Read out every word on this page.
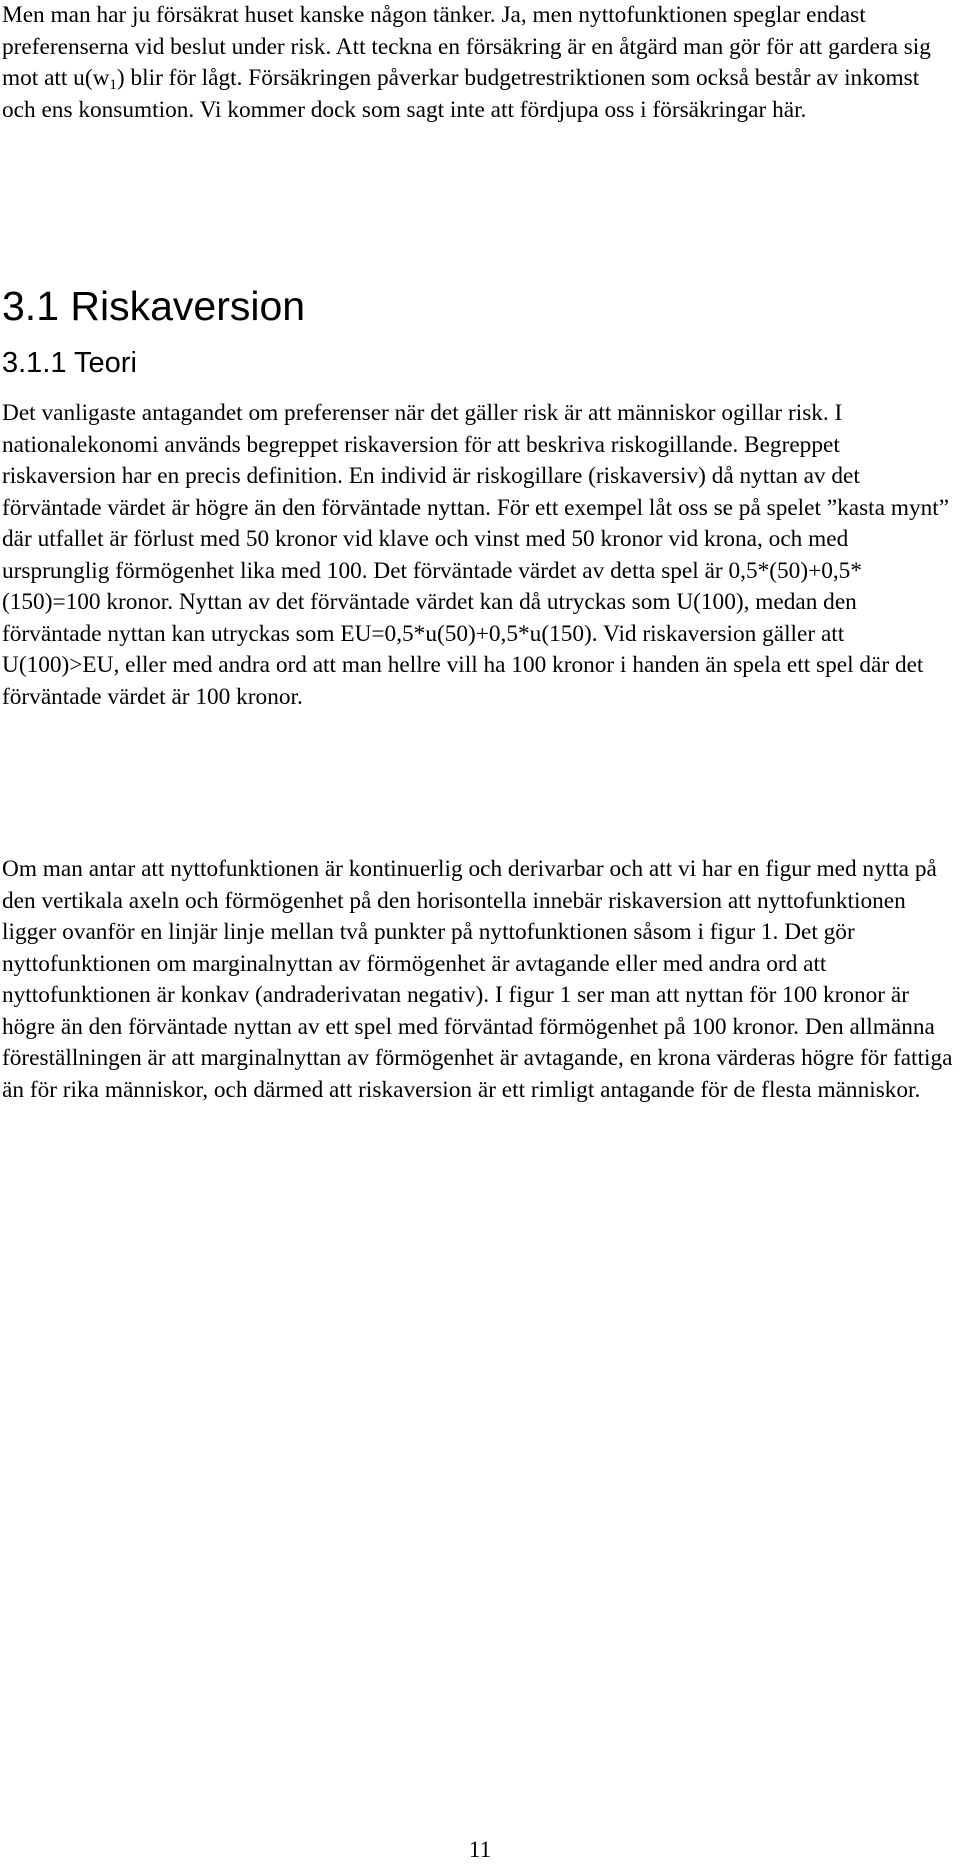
Men man har ju försäkrat huset kanske någon tänker. Ja, men nyttofunktionen speglar endast preferenserna vid beslut under risk. Att teckna en försäkring är en åtgärd man gör för att gardera sig mot att $u(w_1)$ blir för lågt. Försäkringen påverkar budgetrestriktionen som också består av inkomst och ens konsumtion. Vi kommer dock som sagt inte att fördjupa oss i försäkringar här.

3.1 Riskaversion
3.1.1 Teori

Det vanligaste antagandet om preferenser när det gäller risk är att människor ogillar risk. I nationalekonomi används begreppet riskaversion för att beskriva riskogillande. Begreppet riskaversion har en precis definition. En individ är riskogillare (riskaversiv) då nyttan av det förväntade värdet är högre än den förväntade nyttan. För ett exempel låt oss se på spelet ”kasta mynt” där utfallet är förlust med 50 kronor vid klave och vinst med 50 kronor vid krona, och med ursprunglig förmögenhet lika med 100. Det förväntade värdet av detta spel är 0,5*(50)+0,5*(150)=100 kronor. Nyttan av det förväntade värdet kan då utryckas som U(100), medan den förväntade nyttan kan utryckas som EU=0,5*u(50)+0,5*u(150). Vid riskaversion gäller att U(100)>EU, eller med andra ord att man hellre vill ha 100 kronor i handen än spela ett spel där det förväntade värdet är 100 kronor.

Om man antar att nyttofunktionen är kontinuerlig och derivarbar och att vi har en figur med nytta på den vertikala axeln och förmögenhet på den horisontella innebär riskaversion att nyttofunktionen ligger ovanför en linjär linje mellan två punkter på nyttofunktionen såsom i figur 1. Det gör nyttofunktionen om marginalnyttan av förmögenhet är avtagande eller med andra ord att nyttofunktionen är konkav (andraderivatan negativ). I figur 1 ser man att nyttan för 100 kronor är högre än den förväntade nyttan av ett spel med förväntad förmögenhet på 100 kronor. Den allmänna föreställningen är att marginalnyttan av förmögenhet är avtagande, en krona värderas högre för fattiga än för rika människor, och därmed att riskaversion är ett rimligt antagande för de flesta människor.

11
